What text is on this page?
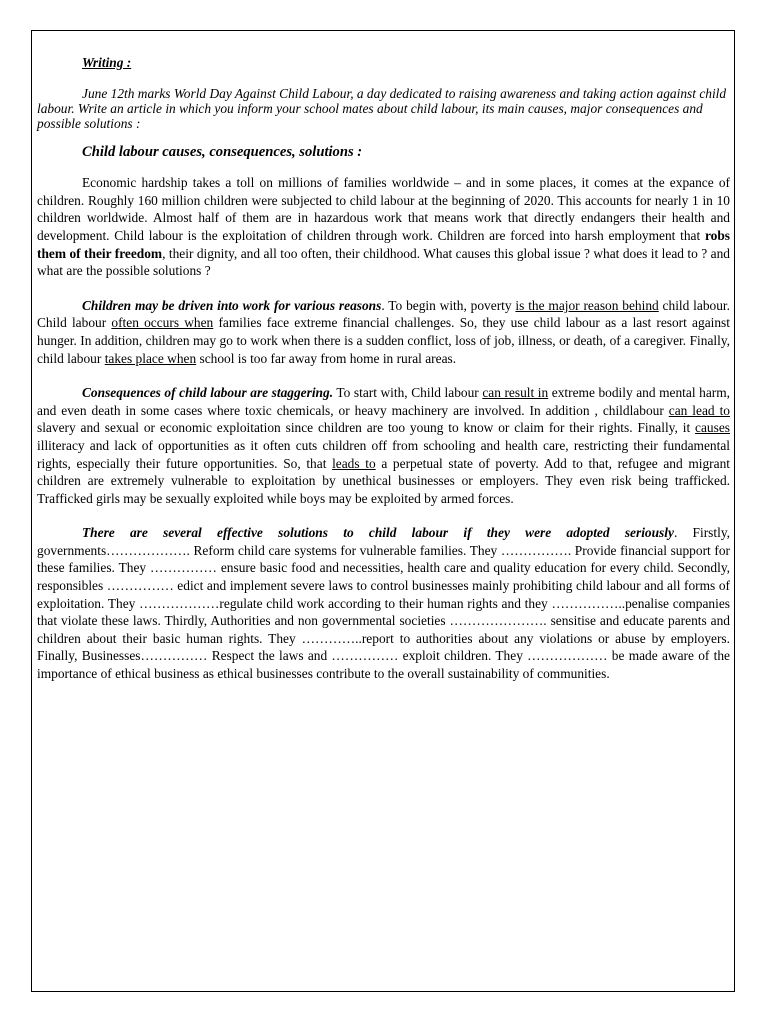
Writing :
June 12th marks World Day Against Child Labour, a day dedicated to raising awareness and taking action against child labour. Write an article in which you inform your school mates about child labour, its main causes, major consequences and possible solutions :
Child labour causes, consequences, solutions :

Economic hardship takes a toll on millions of families worldwide – and in some places, it comes at the expance of children. Roughly 160 million children were subjected to child labour at the beginning of 2020. This accounts for nearly 1 in 10 children worldwide. Almost half of them are in hazardous work that means work that directly endangers their health and development. Child labour is the exploitation of children through work. Children are forced into harsh employment that robs them of their freedom, their dignity, and all too often, their childhood. What causes this global issue ? what does it lead to ? and what are the possible solutions ?

Children may be driven into work for various reasons. To begin with, poverty is the major reason behind child labour. Child labour often occurs when families face extreme financial challenges. So, they use child labour as a last resort against hunger. In addition, children may go to work when there is a sudden conflict, loss of job, illness, or death, of a caregiver. Finally, child labour takes place when school is too far away from home in rural areas.

Consequences of child labour are staggering. To start with, Child labour can result in extreme bodily and mental harm, and even death in some cases where toxic chemicals, or heavy machinery are involved. In addition , childlabour can lead to slavery and sexual or economic exploitation since children are too young to know or claim for their rights. Finally, it causes illiteracy and lack of opportunities as it often cuts children off from schooling and health care, restricting their fundamental rights, especially their future opportunities. So, that leads to a perpetual state of poverty. Add to that, refugee and migrant children are extremely vulnerable to exploitation by unethical businesses or employers. They even risk being trafficked. Trafficked girls may be sexually exploited while boys may be exploited by armed forces.

There are several effective solutions to child labour if they were adopted seriously. Firstly, governments………………. Reform child care systems for vulnerable families. They ……………. Provide financial support for these families. They …………… ensure basic food and necessities, health care and quality education for every child. Secondly, responsibles …………… edict and implement severe laws to control businesses mainly prohibiting child labour and all forms of exploitation. They ………………regulate child work according to their human rights and they ……………..penalise companies that violate these laws. Thirdly, Authorities and non governmental societies …………………. sensitise and educate parents and children about their basic human rights. They …………..report to authorities about any violations or abuse by employers. Finally, Businesses…………… Respect the laws and …………… exploit children. They ……………… be made aware of the importance of ethical business as ethical businesses contribute to the overall sustainability of communities.
